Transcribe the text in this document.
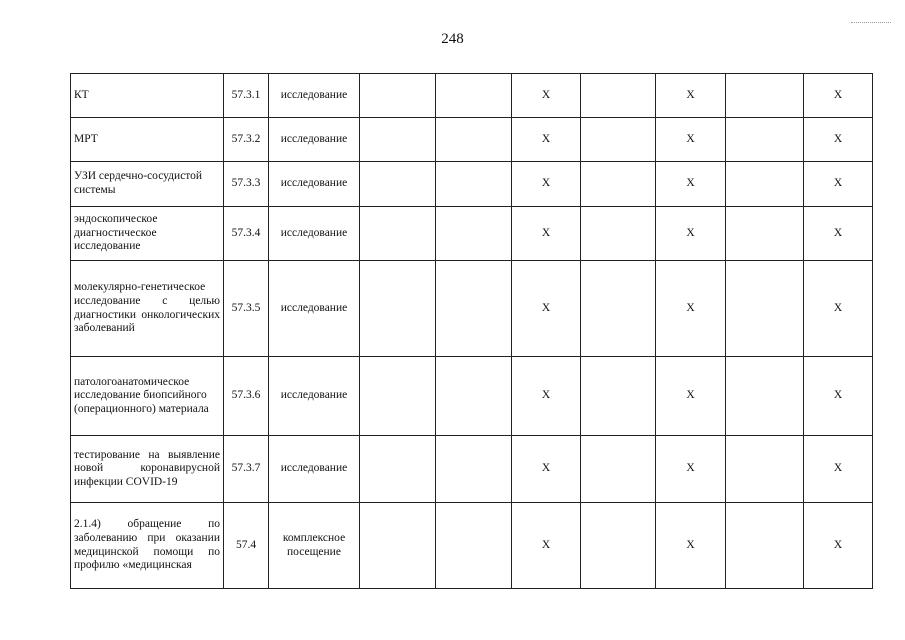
248
КТ	57.3.1	исследование			X		X		X
МРТ	57.3.2	исследование			X		X		X
УЗИ сердечно-сосудистой системы	57.3.3	исследование			X		X		X
эндоскопическое диагностическое исследование	57.3.4	исследование			X		X		X
молекулярно-генетическое исследование с целью диагностики онкологических заболеваний	57.3.5	исследование			X		X		X
патологоанатомическое исследование биопсийного (операционного) материала	57.3.6	исследование			X		X		X
тестирование на выявление новой коронавирусной инфекции COVID-19	57.3.7	исследование			X		X		X
2.1.4) обращение по заболеванию при оказании медицинской помощи по профилю «медицинская	57.4	комплексное посещение			X		X		X
